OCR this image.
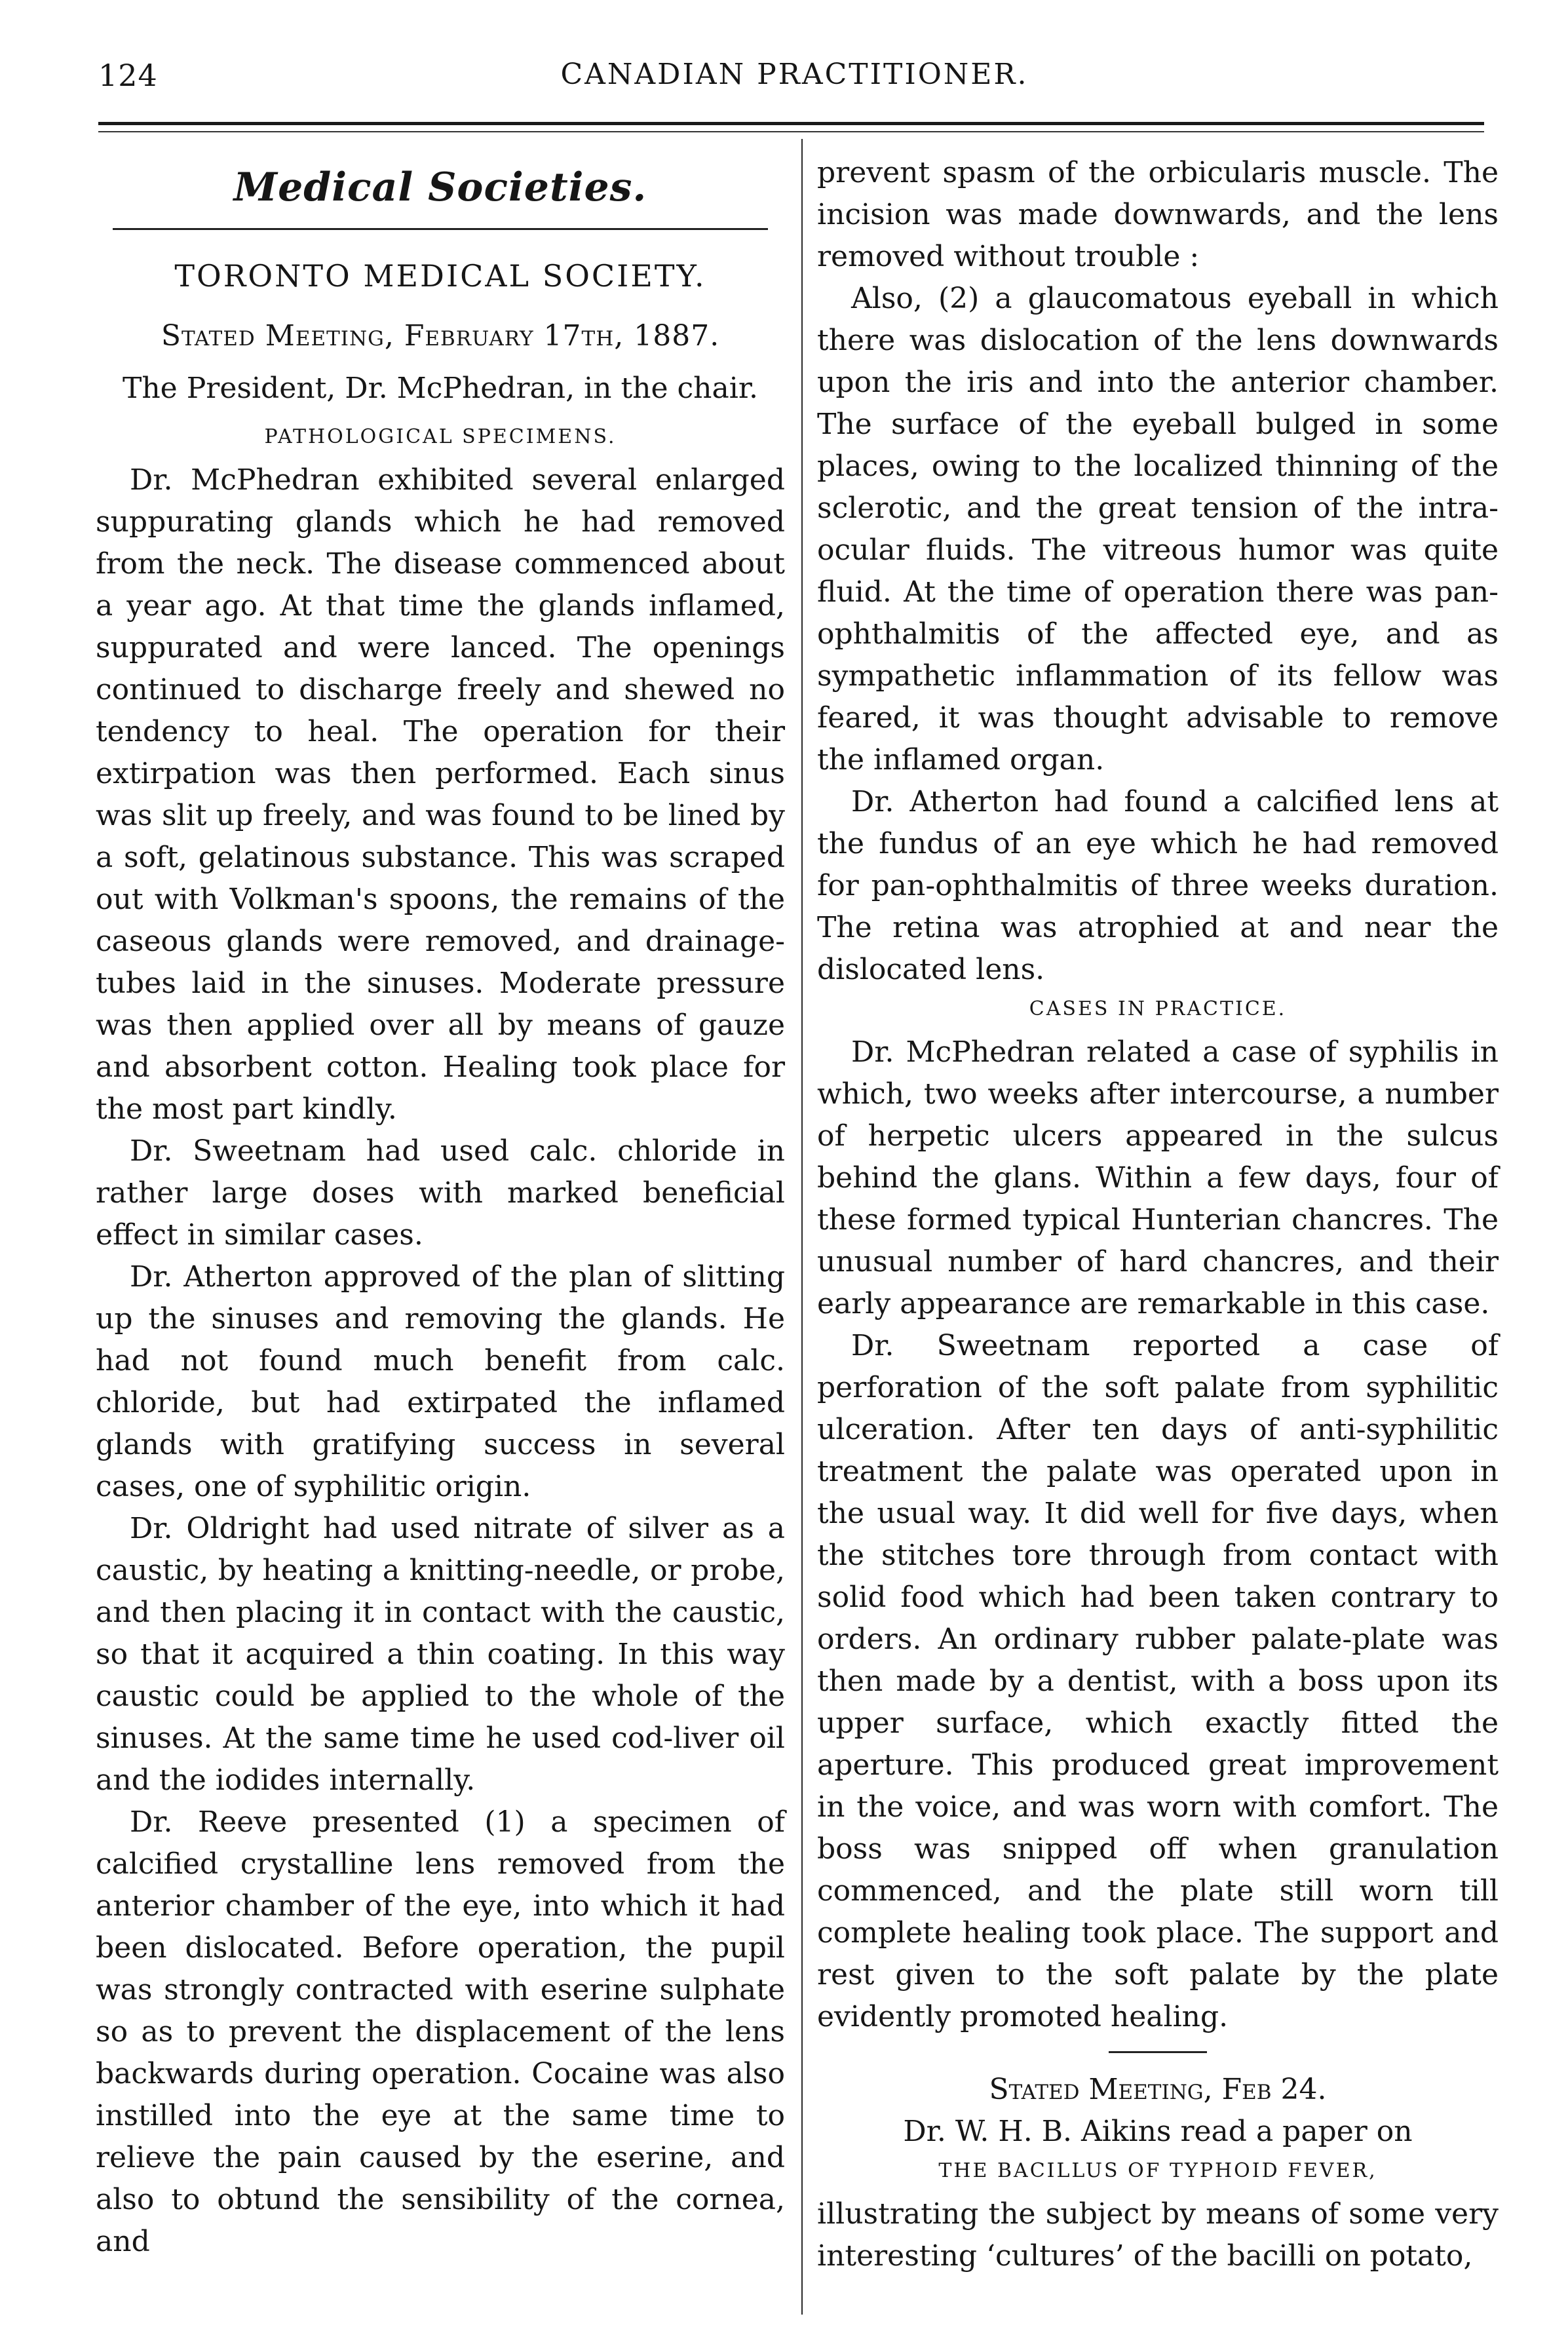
124	CANADIAN PRACTITIONER.
Medical Societies.
TORONTO MEDICAL SOCIETY.
Stated Meeting, February 17th, 1887.
The President, Dr. McPhedran, in the chair.
PATHOLOGICAL SPECIMENS.

Dr. McPhedran exhibited several enlarged suppurating glands which he had removed from the neck. The disease commenced about a year ago. At that time the glands inflamed, suppurated and were lanced. The openings continued to discharge freely and shewed no tendency to heal. The operation for their extirpation was then performed. Each sinus was slit up freely, and was found to be lined by a soft, gelatinous substance. This was scraped out with Volkman's spoons, the remains of the caseous glands were removed, and drainage-tubes laid in the sinuses. Moderate pressure was then applied over all by means of gauze and absorbent cotton. Healing took place for the most part kindly.

Dr. Sweetnam had used calc. chloride in rather large doses with marked beneficial effect in similar cases.

Dr. Atherton approved of the plan of slitting up the sinuses and removing the glands. He had not found much benefit from calc. chloride, but had extirpated the inflamed glands with gratifying success in several cases, one of syphilitic origin.

Dr. Oldright had used nitrate of silver as a caustic, by heating a knitting-needle, or probe, and then placing it in contact with the caustic, so that it acquired a thin coating. In this way caustic could be applied to the whole of the sinuses. At the same time he used cod-liver oil and the iodides internally.

Dr. Reeve presented (1) a specimen of calcified crystalline lens removed from the anterior chamber of the eye, into which it had been dislocated. Before operation, the pupil was strongly contracted with eserine sulphate so as to prevent the displacement of the lens backwards during operation. Cocaine was also instilled into the eye at the same time to relieve the pain caused by the eserine, and also to obtund the sensibility of the cornea, and

prevent spasm of the orbicularis muscle. The incision was made downwards, and the lens removed without trouble :

Also, (2) a glaucomatous eyeball in which there was dislocation of the lens downwards upon the iris and into the anterior chamber. The surface of the eyeball bulged in some places, owing to the localized thinning of the sclerotic, and the great tension of the intra-ocular fluids. The vitreous humor was quite fluid. At the time of operation there was pan-ophthalmitis of the affected eye, and as sympathetic inflammation of its fellow was feared, it was thought advisable to remove the inflamed organ.

Dr. Atherton had found a calcified lens at the fundus of an eye which he had removed for pan-ophthalmitis of three weeks duration. The retina was atrophied at and near the dislocated lens.

CASES IN PRACTICE.

Dr. McPhedran related a case of syphilis in which, two weeks after intercourse, a number of herpetic ulcers appeared in the sulcus behind the glans. Within a few days, four of these formed typical Hunterian chancres. The unusual number of hard chancres, and their early appearance are remarkable in this case.

Dr. Sweetnam reported a case of perforation of the soft palate from syphilitic ulceration. After ten days of anti-syphilitic treatment the palate was operated upon in the usual way. It did well for five days, when the stitches tore through from contact with solid food which had been taken contrary to orders. An ordinary rubber palate-plate was then made by a dentist, with a boss upon its upper surface, which exactly fitted the aperture. This produced great improvement in the voice, and was worn with comfort. The boss was snipped off when granulation commenced, and the plate still worn till complete healing took place. The support and rest given to the soft palate by the plate evidently promoted healing.

Stated Meeting, Feb 24.

Dr. W. H. B. Aikins read a paper on

THE BACILLUS OF TYPHOID FEVER,

illustrating the subject by means of some very interesting ‘cultures’ of the bacilli on potato,
